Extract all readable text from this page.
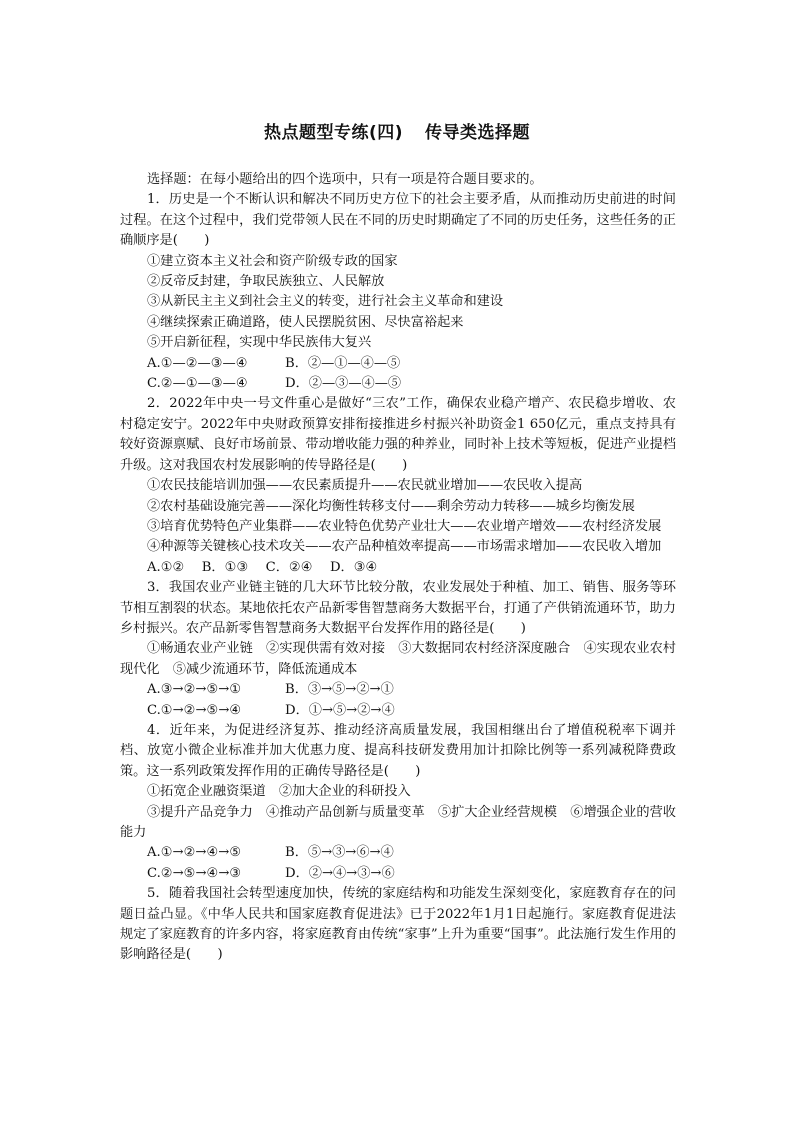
热点题型专练(四) 传导类选择题

选择题：在每小题给出的四个选项中，只有一项是符合题目要求的。

1．历史是一个不断认识和解决不同历史方位下的社会主要矛盾，从而推动历史前进的时间过程。在这个过程中，我们党带领人民在不同的历史时期确定了不同的历史任务，这些任务的正确顺序是(　　)

①建立资本主义社会和资产阶级专政的国家

②反帝反封建，争取民族独立、人民解放

③从新民主主义到社会主义的转变，进行社会主义革命和建设

④继续探索正确道路，使人民摆脱贫困、尽快富裕起来

⑤开启新征程，实现中华民族伟大复兴

A.①—②—③—④	B．②—①—④—⑤

C.②—①—③—④	D．②—③—④—⑤

2．2022年中央一号文件重心是做好“三农”工作，确保农业稳产增产、农民稳步增收、农村稳定安宁。2022年中央财政预算安排衔接推进乡村振兴补助资金1 650亿元，重点支持具有较好资源禀赋、良好市场前景、带动增收能力强的种养业，同时补上技术等短板，促进产业提档升级。这对我国农村发展影响的传导路径是(　　)

①农民技能培训加强——农民素质提升——农民就业增加——农民收入提高

②农村基础设施完善——深化均衡性转移支付——剩余劳动力转移——城乡均衡发展

③培育优势特色产业集群——农业特色优势产业壮大——农业增产增效——农村经济发展

④种源等关键核心技术攻关——农产品种植效率提高——市场需求增加——农民收入增加

A.①②　 B．①③　 C．②④　 D．③④

3．我国农业产业链主链的几大环节比较分散，农业发展处于种植、加工、销售、服务等环节相互割裂的状态。某地依托农产品新零售智慧商务大数据平台，打通了产供销流通环节，助力乡村振兴。农产品新零售智慧商务大数据平台发挥作用的路径是(　　)

①畅通农业产业链　②实现供需有效对接　③大数据同农村经济深度融合　④实现农业农村现代化　⑤减少流通环节，降低流通成本

A.③→②→⑤→①	B．③→⑤→②→①

C.①→②→⑤→④	D．①→⑤→②→④

4．近年来，为促进经济复苏、推动经济高质量发展，我国相继出台了增值税税率下调并档、放宽小微企业标准并加大优惠力度、提高科技研发费用加计扣除比例等一系列减税降费政策。这一系列政策发挥作用的正确传导路径是(　　)

①拓宽企业融资渠道　②加大企业的科研投入

③提升产品竞争力　④推动产品创新与质量变革　⑤扩大企业经营规模　⑥增强企业的营收能力

A.①→②→④→⑤	B．⑤→③→⑥→④

C.②→⑤→④→③	D．②→④→③→⑥

5．随着我国社会转型速度加快，传统的家庭结构和功能发生深刻变化，家庭教育存在的问题日益凸显。《中华人民共和国家庭教育促进法》已于2022年1月1日起施行。家庭教育促进法规定了家庭教育的许多内容，将家庭教育由传统“家事”上升为重要“国事”。此法施行发生作用的影响路径是(　　)
